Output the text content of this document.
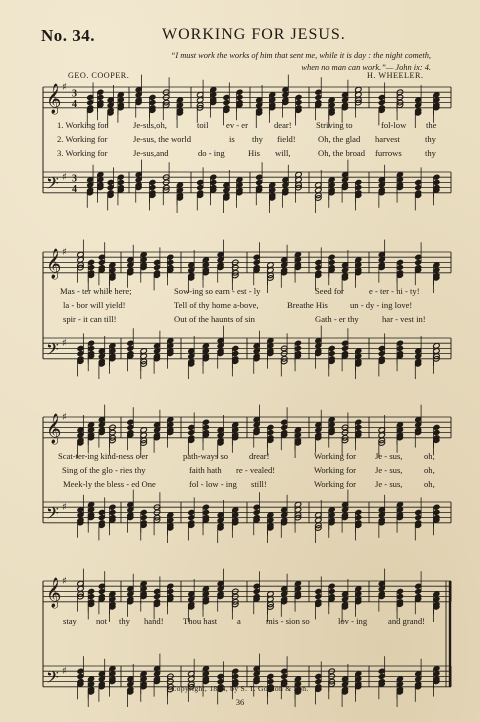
No. 34.	WORKING FOR JESUS.
“I must work the works of him that sent me, while it is day : the night cometh,
when no man can work.”— John ix: 4.
GEO. COOPER.	H. WHEELER.
𝄞
𝄢
♯
♯
3
4
3
4
𝄞
𝄢
♯
♯
𝄞
𝄢
♯
♯
𝄞
𝄢
♯
♯
1. Working for	Je-sus,oh,	toil ev - er	dear!	Striving to	fol-low the
2. Working for	Je-sus, the world	is thy field!	Oh, the glad harvest	thy
3. Working for	Je-sus,and	do - ing	His will,	Oh, the broad furrows	thy
Mas - ter while here;	Sow-ing so earn - est - ly	Seed for	e - ter - ni - ty!
la - bor will yield!	Tell of thy home a-bove,	Breathe His	un - dy - ing love!
spir - it can till!	Out of the haunts of sin	Gath - er thy	har - vest in!
Scat-ter-ing kind-ness o'er	path-ways so drear!	Working for Je - sus,	oh,
Sing of the glo - ries thy	faith hath re - vealed!	Working for Je - sus,	oh,
Meek-ly the bless - ed One	fol - low - ing still!	Working for Je - sus,	oh,
stay not thy hand! Thou hast a	mis - sion so	lov - ing and grand!
Copyright, 1884, by S. T. Gordon & Son.
36
